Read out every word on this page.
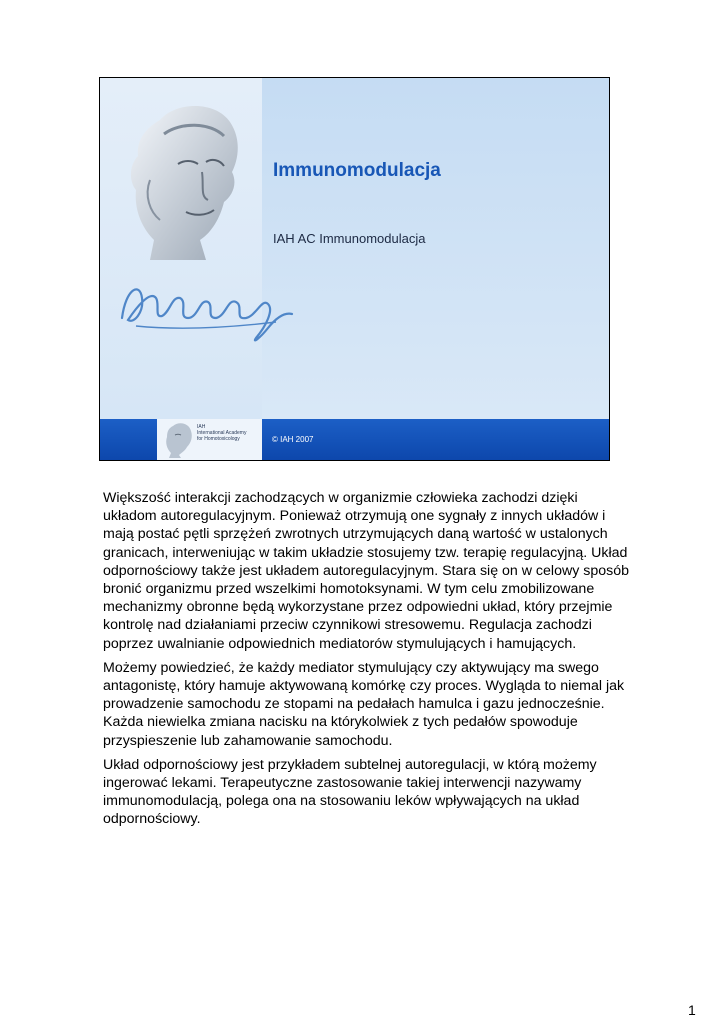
Immunomodulacja
IAH AC Immunomodulacja
IAH
International Academy
for Homotoxicology	© IAH 2007

Większość interakcji zachodzących w organizmie człowieka zachodzi dzięki układom autoregulacyjnym. Ponieważ otrzymują one sygnały z innych układów i mają postać pętli sprzężeń zwrotnych utrzymujących daną wartość w ustalonych granicach, interweniując w takim układzie stosujemy tzw. terapię regulacyjną. Układ odpornościowy także jest układem autoregulacyjnym. Stara się on w celowy sposób bronić organizmu przed wszelkimi homotoksynami. W tym celu zmobilizowane mechanizmy obronne będą wykorzystane przez odpowiedni układ, który przejmie kontrolę nad działaniami przeciw czynnikowi stresowemu. Regulacja zachodzi poprzez uwalnianie odpowiednich mediatorów stymulujących i hamujących.

Możemy powiedzieć, że każdy mediator stymulujący czy aktywujący ma swego antagonistę, który hamuje aktywowaną komórkę czy proces. Wygląda to niemal jak prowadzenie samochodu ze stopami na pedałach hamulca i gazu jednocześnie. Każda niewielka zmiana nacisku na którykolwiek z tych pedałów spowoduje przyspieszenie lub zahamowanie samochodu.

Układ odpornościowy jest przykładem subtelnej autoregulacji, w którą możemy ingerować lekami. Terapeutyczne zastosowanie takiej interwencji nazywamy immunomodulacją, polega ona na stosowaniu leków wpływających na układ odpornościowy.

1
